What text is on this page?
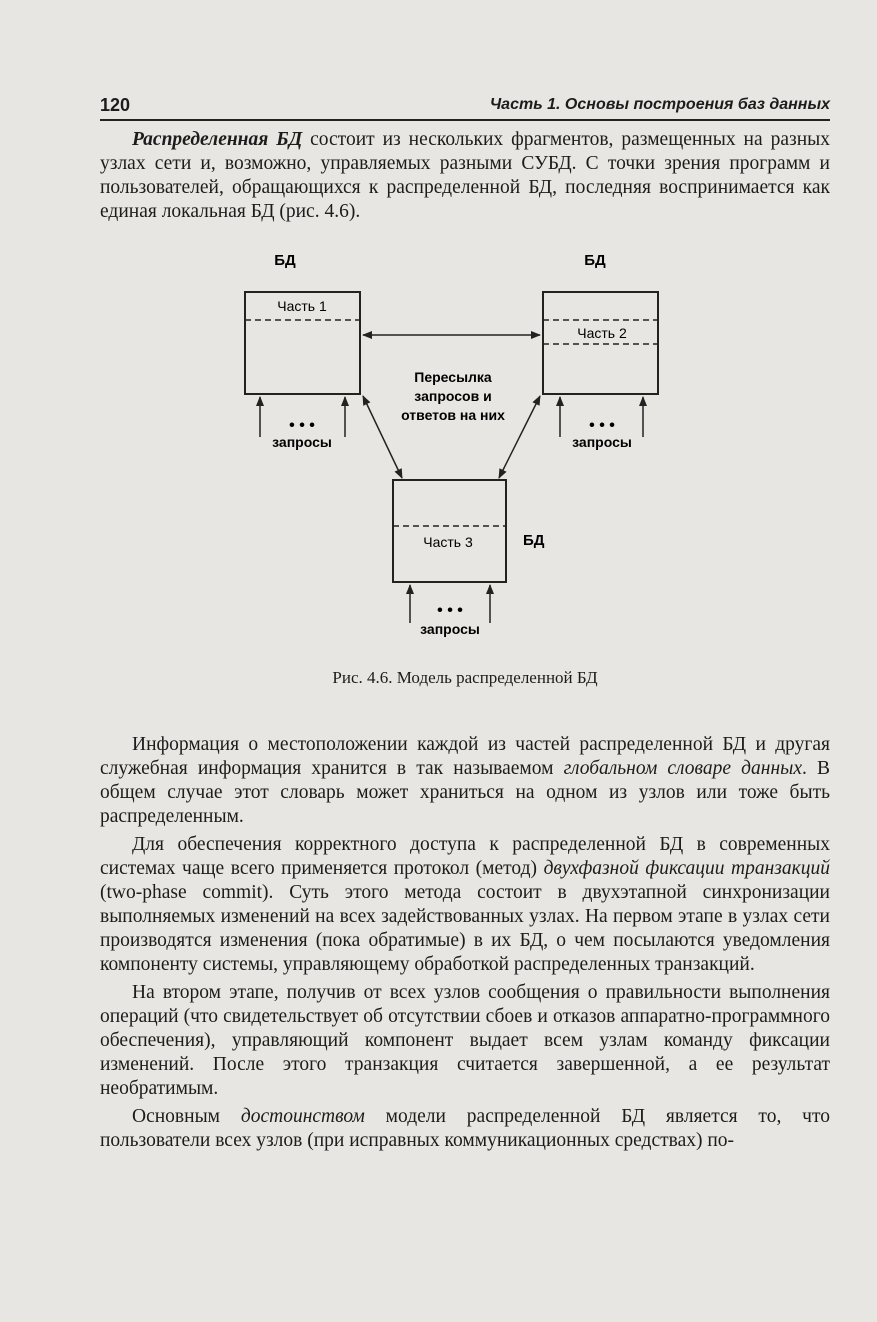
120	Часть 1. Основы построения баз данных

Распределенная БД состоит из нескольких фрагментов, размещенных на разных узлах сети и, возможно, управляемых разными СУБД. С точки зрения программ и пользователей, обращающихся к распределенной БД, последняя воспринимается как единая локальная БД (рис. 4.6).

БД
Часть 1
• • •
запросы
БД
Часть 2
• • •
запросы
Часть 3	БД
• • •
запросы
Пересылка
запросов и
ответов на них
Рис. 4.6. Модель распределенной БД

Информация о местоположении каждой из частей распределенной БД и другая служебная информация хранится в так называемом глобальном словаре данных. В общем случае этот словарь может храниться на одном из узлов или тоже быть распределенным.

Для обеспечения корректного доступа к распределенной БД в современных системах чаще всего применяется протокол (метод) двухфазной фиксации транзакций (two-phase commit). Суть этого метода состоит в двухэтапной синхронизации выполняемых изменений на всех задействованных узлах. На первом этапе в узлах сети производятся изменения (пока обратимые) в их БД, о чем посылаются уведомления компоненту системы, управляющему обработкой распределенных транзакций.

На втором этапе, получив от всех узлов сообщения о правильности выполнения операций (что свидетельствует об отсутствии сбоев и отказов аппаратно-программного обеспечения), управляющий компонент выдает всем узлам команду фиксации изменений. После этого транзакция считается завершенной, а ее результат необратимым.

Основным достоинством модели распределенной БД является то, что пользователи всех узлов (при исправных коммуникационных средствах) по-
